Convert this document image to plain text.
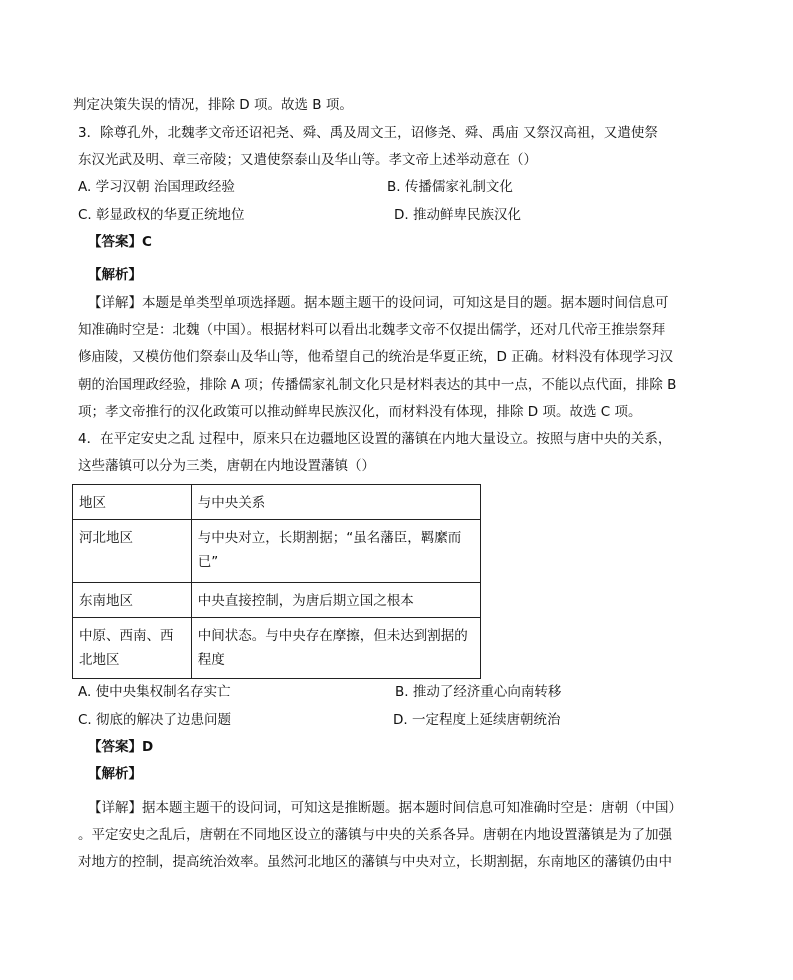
判定决策失误的情况，排除 D 项。故选 B 项。
3．除尊孔外，北魏孝文帝还诏祀尧、舜、禹及周文王，诏修尧、舜、禹庙 又祭汉高祖，又遣使祭
东汉光武及明、章三帝陵；又遣使祭泰山及华山等。孝文帝上述举动意在（）
A. 学习汉朝 治国理政经验	B. 传播儒家礼制文化
C. 彰显政权的华夏正统地位	D. 推动鲜卑民族汉化
【答案】C
【解析】
【详解】本题是单类型单项选择题。据本题主题干的设问词，可知这是目的题。据本题时间信息可
知准确时空是：北魏（中国）。根据材料可以看出北魏孝文帝不仅提出儒学，还对几代帝王推崇祭拜
修庙陵，又模仿他们祭泰山及华山等，他希望自己的统治是华夏正统，D 正确。材料没有体现学习汉
朝的治国理政经验，排除 A 项；传播儒家礼制文化只是材料表达的其中一点，不能以点代面，排除 B
项；孝文帝推行的汉化政策可以推动鲜卑民族汉化，而材料没有体现，排除 D 项。故选 C 项。
4．在平定安史之乱 过程中，原来只在边疆地区设置的藩镇在内地大量设立。按照与唐中央的关系，
这些藩镇可以分为三类，唐朝在内地设置藩镇（）
地区	与中央关系
河北地区	与中央对立，长期割据；“虽名藩臣，羁縻而已”
东南地区	中央直接控制，为唐后期立国之根本
中原、西南、西北地区	中间状态。与中央存在摩擦，但未达到割据的程度
A. 使中央集权制名存实亡	B. 推动了经济重心向南转移
C. 彻底的解决了边患问题	D. 一定程度上延续唐朝统治
【答案】D
【解析】
【详解】据本题主题干的设问词，可知这是推断题。据本题时间信息可知准确时空是：唐朝（中国）
。平定安史之乱后，唐朝在不同地区设立的藩镇与中央的关系各异。唐朝在内地设置藩镇是为了加强
对地方的控制，提高统治效率。虽然河北地区的藩镇与中央对立，长期割据，东南地区的藩镇仍由中
